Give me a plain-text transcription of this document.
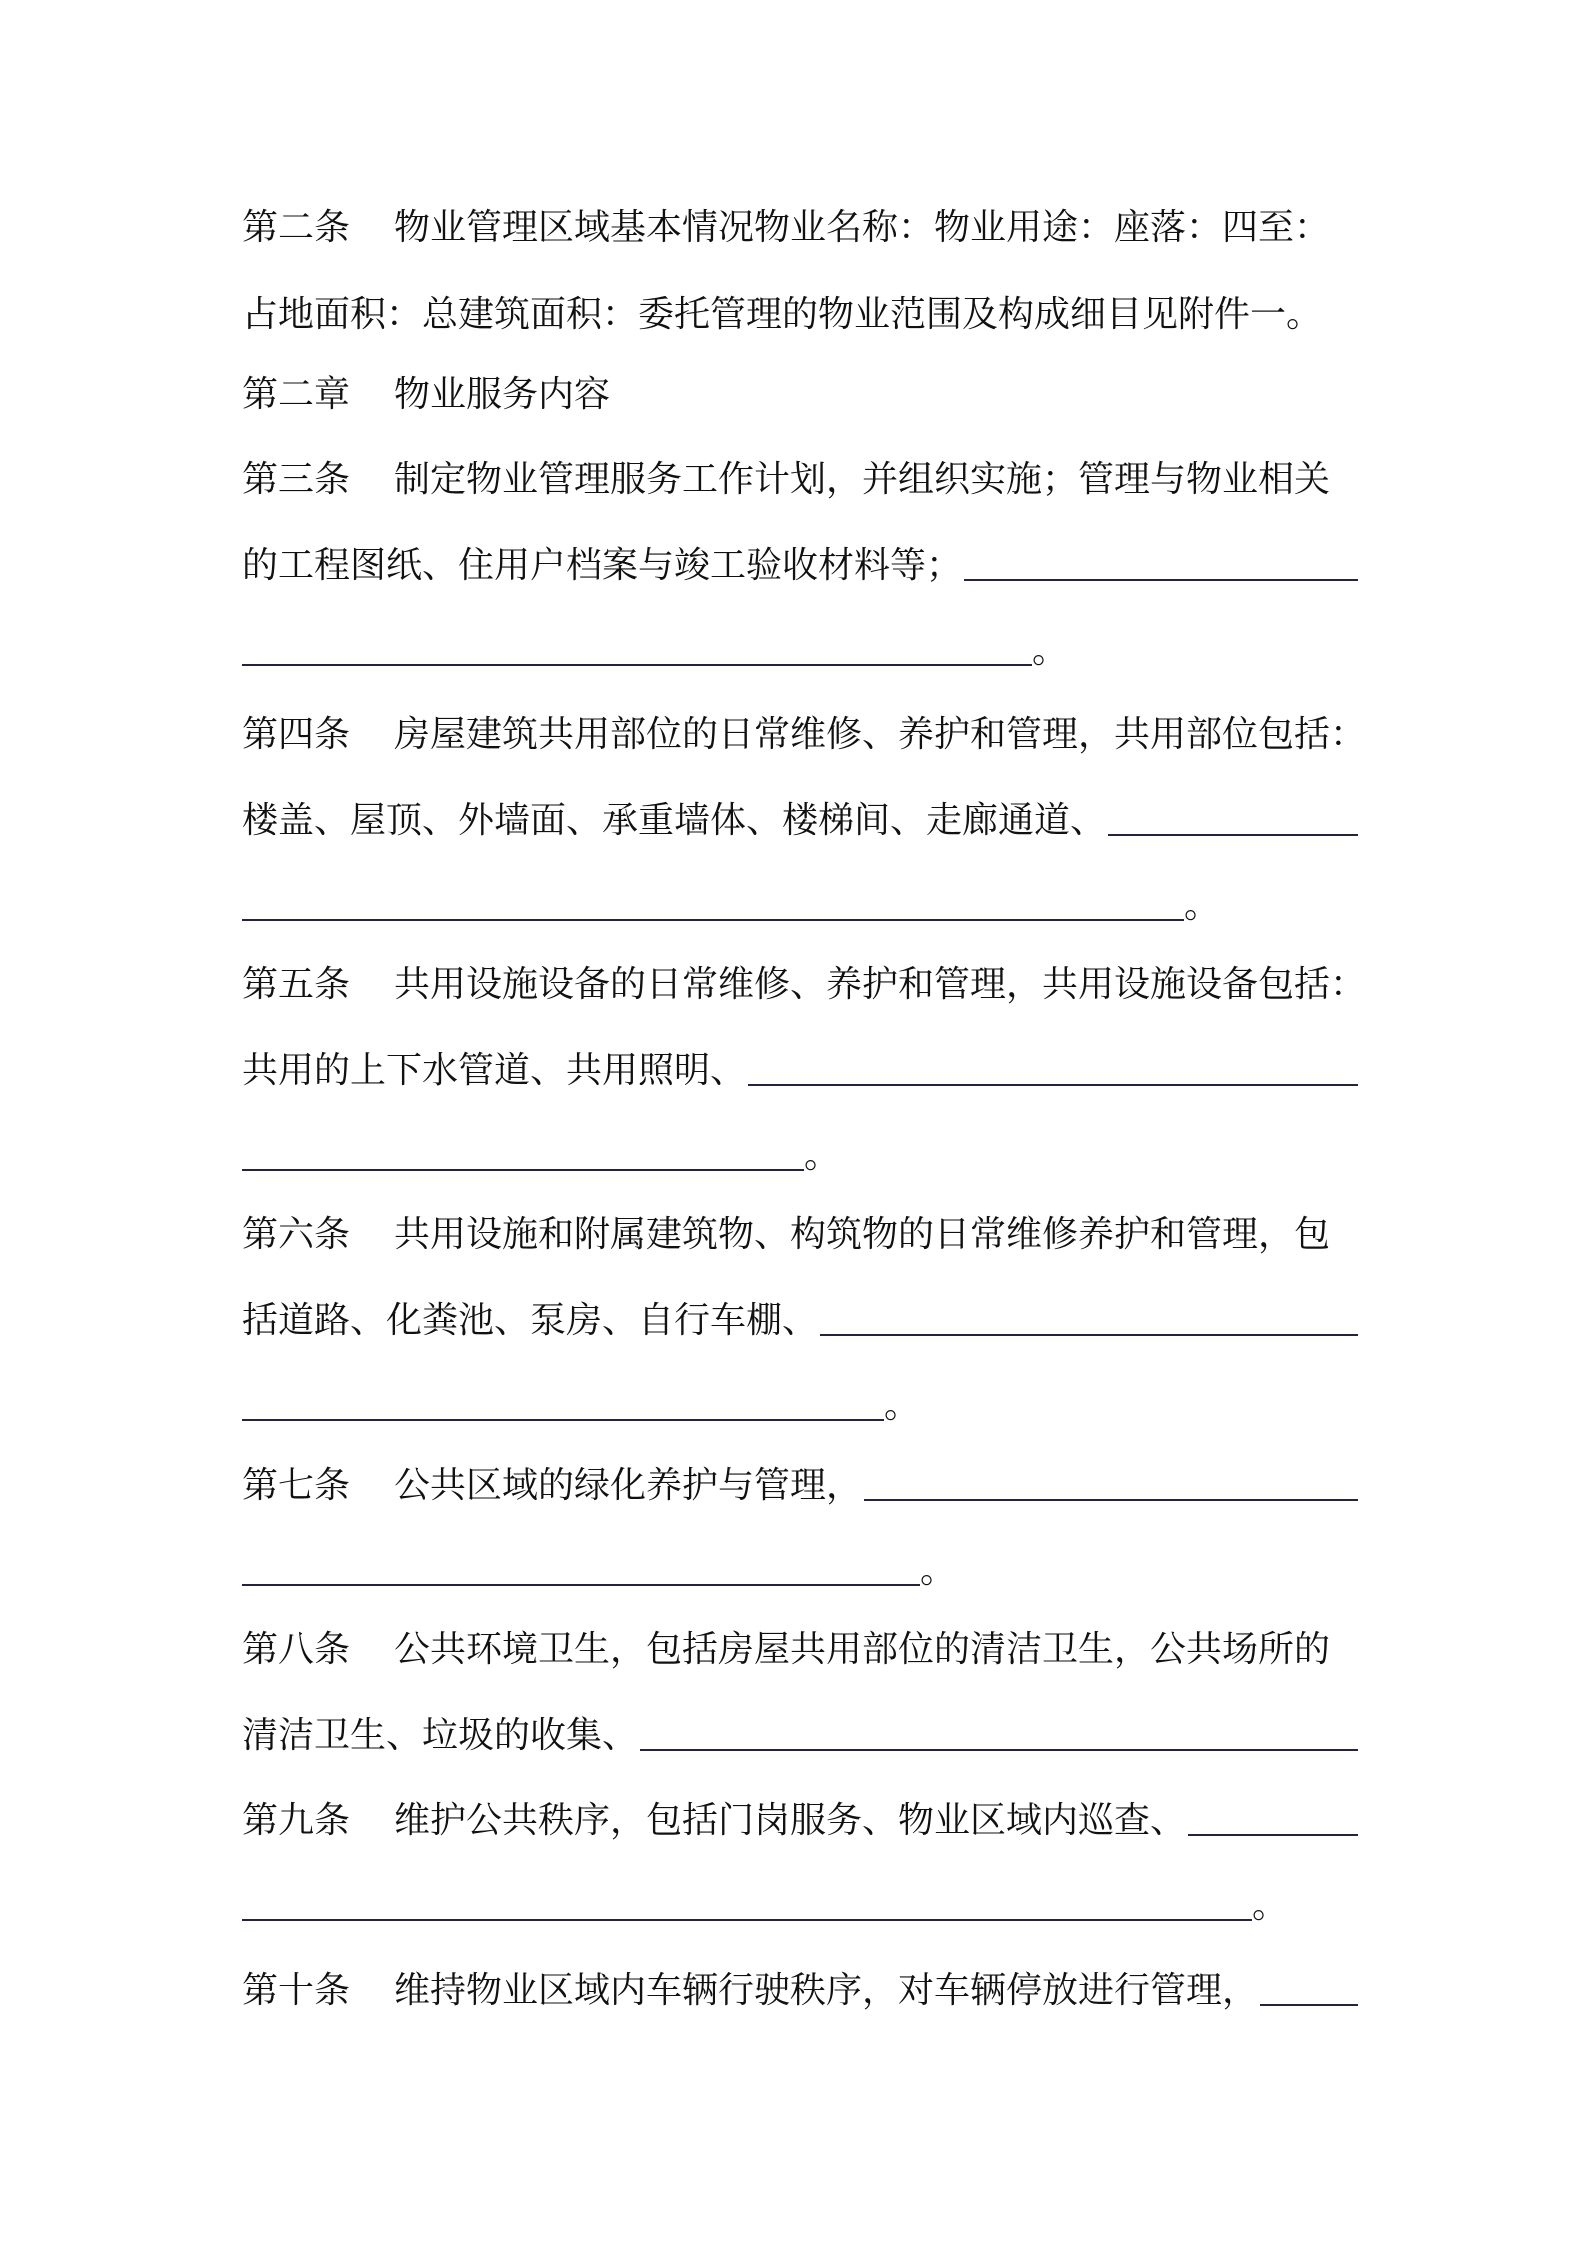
第二条	物业管理区域基本情况物业名称：物业用途：座落：四至：
占地面积：总建筑面积：委托管理的物业范围及构成细目见附件一。
第二章	物业服务内容
第三条	制定物业管理服务工作计划，并组织实施；管理与物业相关
的工程图纸、住用户档案与竣工验收材料等；
。
第四条	房屋建筑共用部位的日常维修、养护和管理，共用部位包括：
楼盖、屋顶、外墙面、承重墙体、楼梯间、走廊通道、
。
第五条	共用设施设备的日常维修、养护和管理，共用设施设备包括：
共用的上下水管道、共用照明、
。
第六条	共用设施和附属建筑物、构筑物的日常维修养护和管理，包
括道路、化粪池、泵房、自行车棚、
。
第七条	公共区域的绿化养护与管理，
。
第八条	公共环境卫生，包括房屋共用部位的清洁卫生，公共场所的
清洁卫生、垃圾的收集、
第九条	维护公共秩序，包括门岗服务、物业区域内巡查、
。
第十条	维持物业区域内车辆行驶秩序，对车辆停放进行管理，
